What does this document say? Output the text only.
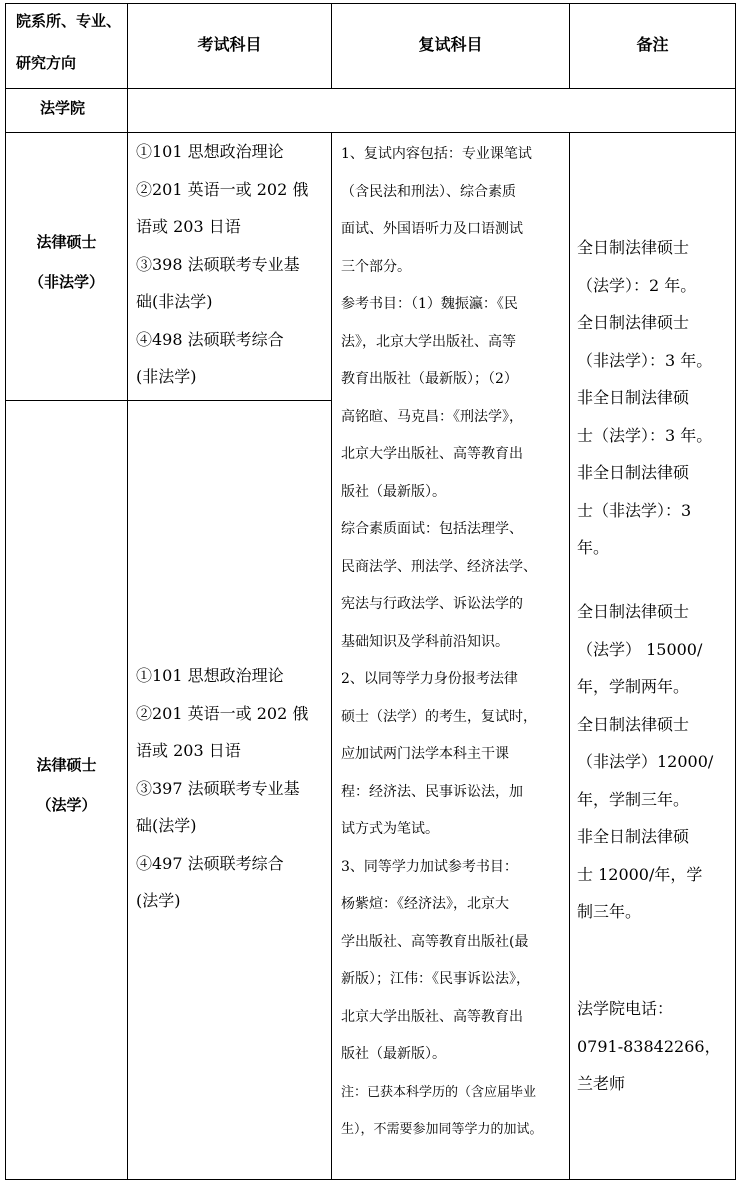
院系所、专业、
研究方向
考试科目	复试科目	备注
法学院
法律硕士
（非法学）
①101 思想政治理论
②201 英语一或 202 俄
语或 203 日语
③398 法硕联考专业基
础(非法学)
④498 法硕联考综合
(非法学)
法律硕士
（法学）
①101 思想政治理论
②201 英语一或 202 俄
语或 203 日语
③397 法硕联考专业基
础(法学)
④497 法硕联考综合
(法学)
1、复试内容包括：专业课笔试
（含民法和刑法）、综合素质
面试、外国语听力及口语测试
三个部分。
参考书目：（1）魏振瀛：《民
法》，北京大学出版社、高等
教育出版社（最新版）；（2）
高铭暄、马克昌：《刑法学》，
北京大学出版社、高等教育出
版社（最新版）。
综合素质面试：包括法理学、
民商法学、刑法学、经济法学、
宪法与行政法学、诉讼法学的
基础知识及学科前沿知识。
2、以同等学力身份报考法律
硕士（法学）的考生，复试时，
应加试两门法学本科主干课
程：经济法、民事诉讼法，加
试方式为笔试。
3、同等学力加试参考书目：
杨紫煊：《经济法》，北京大
学出版社、高等教育出版社(最
新版）；江伟：《民事诉讼法》，
北京大学出版社、高等教育出
版社（最新版）。
注：已获本科学历的（含应届毕业
生），不需要参加同等学力的加试。
全日制法律硕士
（法学）：2 年。
全日制法律硕士
（非法学）：3 年。
非全日制法律硕
士（法学）：3 年。
非全日制法律硕
士（非法学）：3
年。
全日制法律硕士
（法学） 15000/
年，学制两年。
全日制法律硕士
（非法学）12000/
年，学制三年。
非全日制法律硕
士 12000/年，学
制三年。
法学院电话：
0791-83842266，
兰老师
